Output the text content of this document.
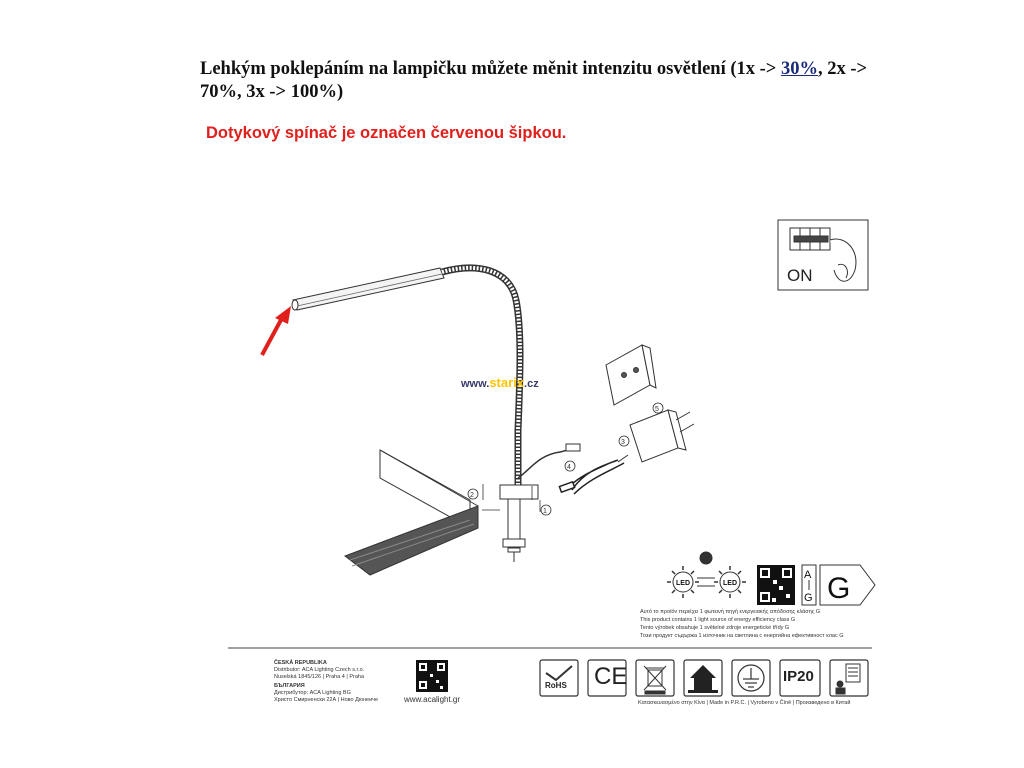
Lehkým poklepáním na lampičku můžete měnit intenzitu osvětlení (1x -> 30%, 2x ->
70%, 3x -> 100%)
Dotykový spínač je označen červenou šipkou.
2
1
3
4
5
LED	LED
A
G G
www.starix.cz
ON
Αυτό το προϊόν περιέχει 1 φωτεινή πηγή ενεργειακής απόδοσης κλάσης G
This product contains 1 light source of energy efficiency class G
Tento výrobek obsahuje 1 světelné zdroje energetické třídy G
Този продукт съдържа 1 източник на светлина с енергийна ефективност клас G
ČESKÁ REPUBLIKA
Distributor: ACA Lighting Czech s.r.o.
Nuselská 1845/126 | Praha 4 | Praha
БЪЛГАРИЯ
Дистрибутор: ACA Lighting BG
Христо Смирненски 22А | Ново Дюнеиче	www.acalight.gr
RoHS CE	IP20
Κατασκευασμένο στην Κίνα | Made in P.R.C. | Vyrobeno v Číně | Произведено в Китай
